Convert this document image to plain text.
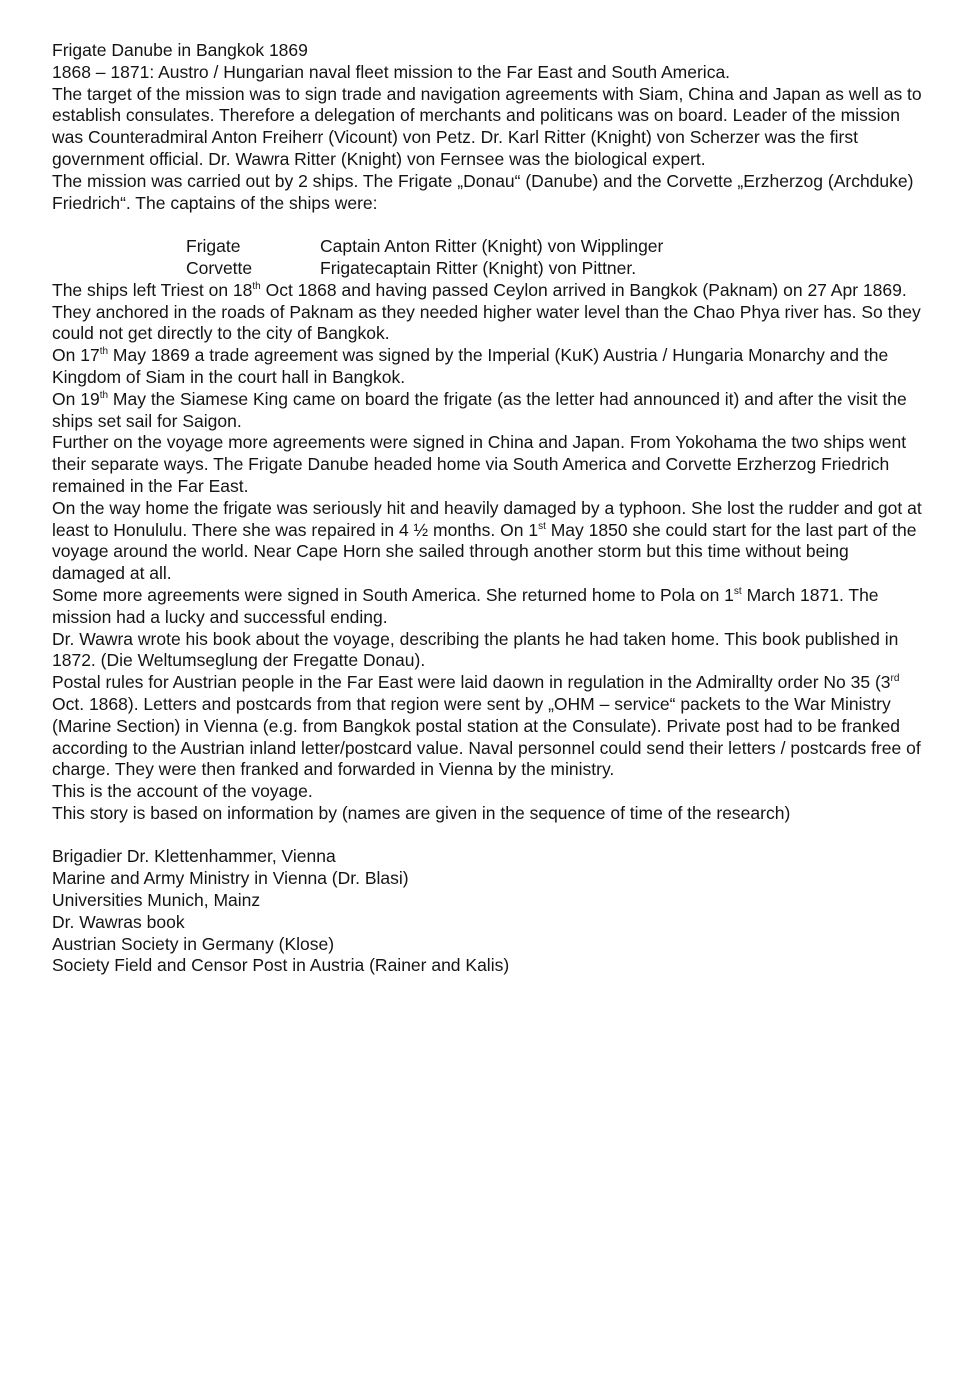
Frigate Danube in Bangkok 1869

1868 – 1871: Austro / Hungarian naval fleet mission to the Far East and South America.

The target of the mission was to sign trade and navigation agreements with Siam, China and Japan as well as to establish consulates. Therefore a delegation of merchants and politicans was on board. Leader of the mission was Counteradmiral Anton Freiherr (Vicount) von Petz. Dr. Karl Ritter (Knight) von Scherzer was the first government official. Dr. Wawra Ritter (Knight) von Fernsee was the biological expert.

The mission was carried out by 2 ships. The Frigate „Donau“ (Danube) and the Corvette „Erzherzog (Archduke) Friedrich“. The captains of the ships were:

Frigate	Captain Anton Ritter (Knight) von Wipplinger
Corvette	Frigatecaptain Ritter (Knight) von Pittner.

The ships left Triest on 18th Oct 1868 and having passed Ceylon arrived in Bangkok (Paknam) on 27 Apr 1869. They anchored in the roads of Paknam as they needed higher water level than the Chao Phya river has. So they could not get directly to the city of Bangkok.

On 17th May 1869 a trade agreement was signed by the Imperial (KuK) Austria / Hungaria Monarchy and the Kingdom of Siam in the court hall in Bangkok.

On 19th May the Siamese King came on board the frigate (as the letter had announced it) and after the visit the ships set sail for Saigon.

Further on the voyage more agreements were signed in China and Japan. From Yokohama the two ships went their separate ways. The Frigate Danube headed home via South America and Corvette Erzherzog Friedrich remained in the Far East.

On the way home the frigate was seriously hit and heavily damaged by a typhoon. She lost the rudder and got at least to Honululu. There she was repaired in 4 ½ months. On 1st May 1850 she could start for the last part of the voyage around the world. Near Cape Horn she sailed through another storm but this time without being damaged at all.

Some more agreements were signed in South America. She returned home to Pola on 1st March 1871. The mission had a lucky and successful ending.

Dr. Wawra wrote his book about the voyage, describing the plants he had taken home. This book published in 1872. (Die Weltumseglung der Fregatte Donau).

Postal rules for Austrian people in the Far East were laid daown in regulation in the Admirallty order No 35 (3rd Oct. 1868). Letters and postcards from that region were sent by „OHM – service“ packets to the War Ministry (Marine Section) in Vienna (e.g. from Bangkok postal station at the Consulate). Private post had to be franked according to the Austrian inland letter/postcard value. Naval personnel could send their letters / postcards free of charge. They were then franked and forwarded in Vienna by the ministry.

This is the account of the voyage.

This story is based on information by (names are given in the sequence of time of the research)

Brigadier Dr. Klettenhammer, Vienna
Marine and Army Ministry in Vienna (Dr. Blasi)
Universities Munich, Mainz
Dr. Wawras book
Austrian Society in Germany (Klose)
Society Field and Censor Post in Austria (Rainer and Kalis)
